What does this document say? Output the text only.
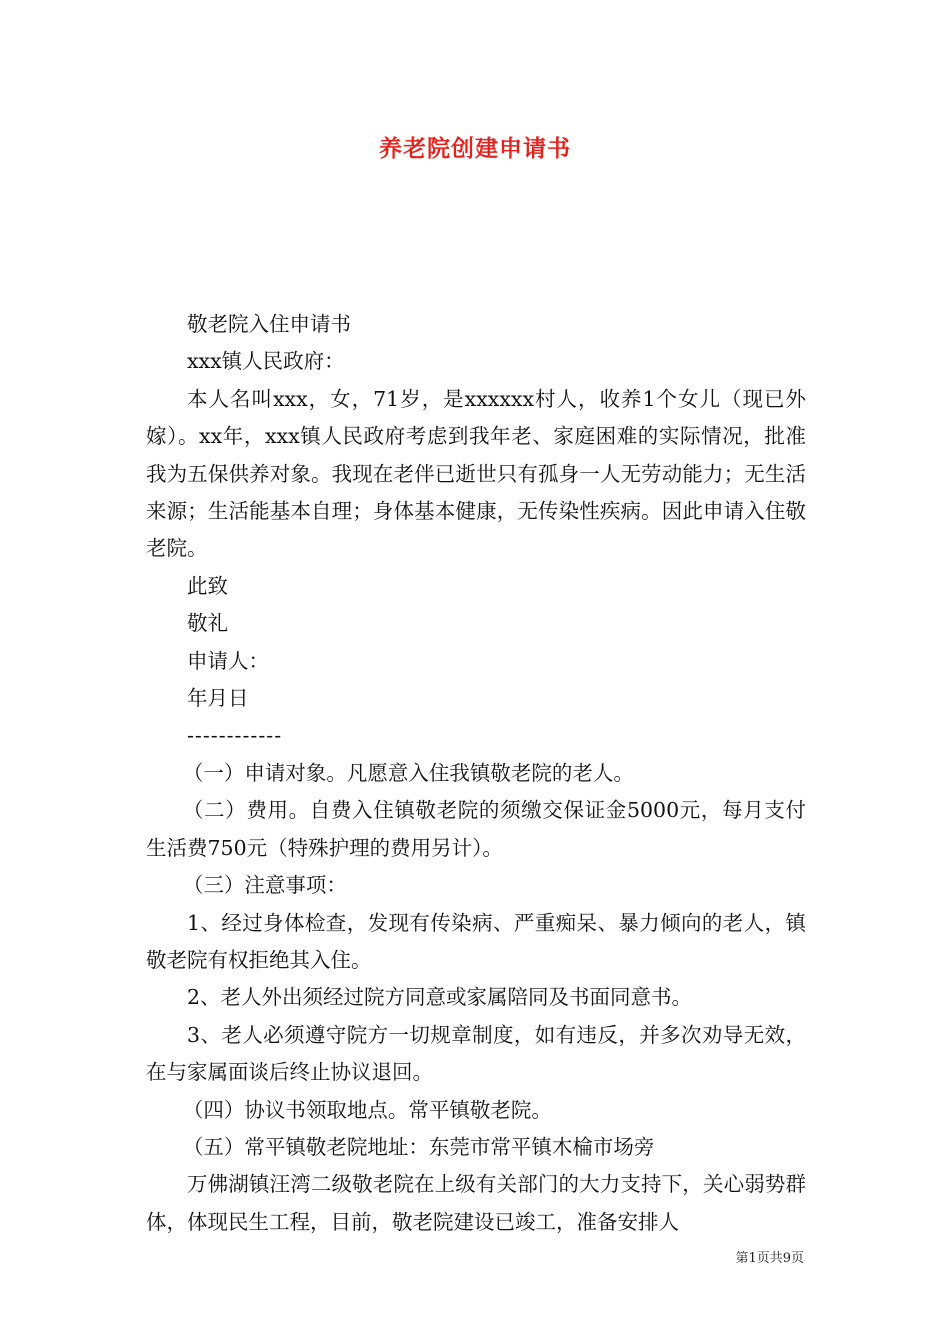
养老院创建申请书

敬老院入住申请书

xxx镇人民政府：

本人名叫xxx，女，71岁，是xxxxxx村人，收养1个女儿（现已外嫁）。xx年，xxx镇人民政府考虑到我年老、家庭困难的实际情况，批准我为五保供养对象。我现在老伴已逝世只有孤身一人无劳动能力；无生活来源；生活能基本自理；身体基本健康，无传染性疾病。因此申请入住敬老院。

此致

敬礼

申请人：

年月日

------------

（一）申请对象。凡愿意入住我镇敬老院的老人。

（二）费用。自费入住镇敬老院的须缴交保证金5000元，每月支付生活费750元（特殊护理的费用另计）。

（三）注意事项：

1、经过身体检查，发现有传染病、严重痴呆、暴力倾向的老人，镇敬老院有权拒绝其入住。

2、老人外出须经过院方同意或家属陪同及书面同意书。

3、老人必须遵守院方一切规章制度，如有违反，并多次劝导无效，在与家属面谈后终止协议退回。

（四）协议书领取地点。常平镇敬老院。

（五）常平镇敬老院地址：东莞市常平镇木棆市场旁

万佛湖镇汪湾二级敬老院在上级有关部门的大力支持下，关心弱势群体，体现民生工程，目前，敬老院建设已竣工，准备安排人

第1页共9页
